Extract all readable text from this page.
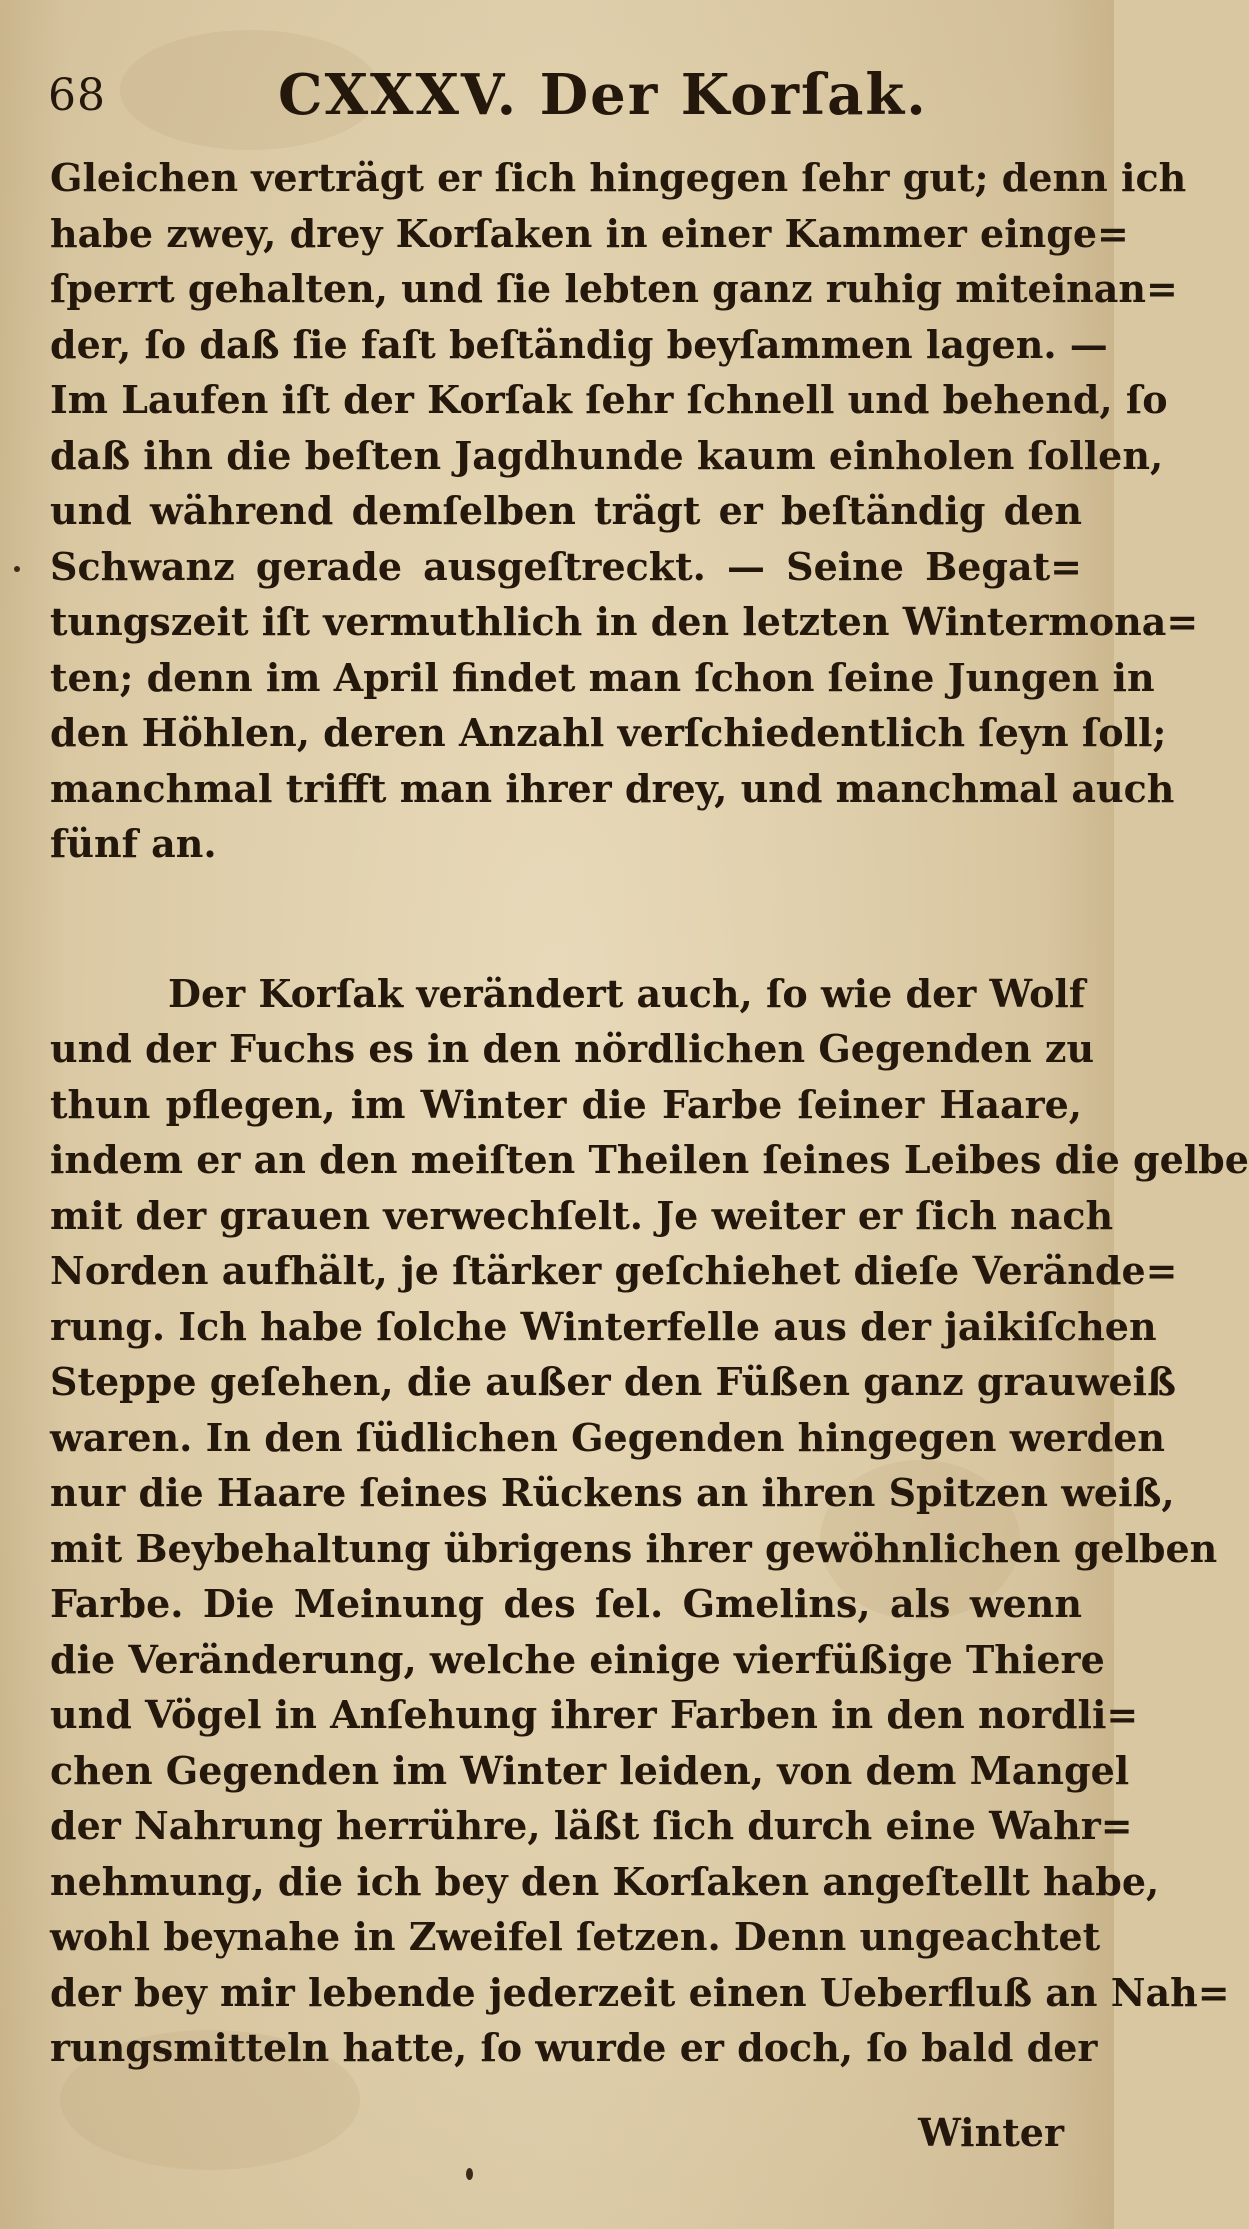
68	CXXXV. Der Korſak.
Gleichen verträgt er ſich hingegen ſehr gut; denn ich
habe zwey, drey Korſaken in einer Kammer einge=
ſperrt gehalten, und ſie lebten ganz ruhig miteinan=
der, ſo daß ſie faſt beſtändig beyſammen lagen. —
Im Laufen iſt der Korſak ſehr ſchnell und behend, ſo
daß ihn die beſten Jagdhunde kaum einholen ſollen,
und während demſelben trägt er beſtändig den
Schwanz gerade ausgeſtreckt. — Seine Begat=
tungszeit iſt vermuthlich in den letzten Wintermona=
ten; denn im April findet man ſchon ſeine Jungen in
den Höhlen, deren Anzahl verſchiedentlich ſeyn ſoll;
manchmal trifft man ihrer drey, und manchmal auch
fünf an.
Der Korſak verändert auch, ſo wie der Wolf
und der Fuchs es in den nördlichen Gegenden zu
thun pflegen, im Winter die Farbe ſeiner Haare,
indem er an den meiſten Theilen ſeines Leibes die gelbe
mit der grauen verwechſelt. Je weiter er ſich nach
Norden aufhält, je ſtärker geſchiehet dieſe Verände=
rung. Ich habe ſolche Winterfelle aus der jaikiſchen
Steppe geſehen, die außer den Füßen ganz grauweiß
waren. In den ſüdlichen Gegenden hingegen werden
nur die Haare ſeines Rückens an ihren Spitzen weiß,
mit Beybehaltung übrigens ihrer gewöhnlichen gelben
Farbe. Die Meinung des ſel. Gmelins, als wenn
die Veränderung, welche einige vierfüßige Thiere
und Vögel in Anſehung ihrer Farben in den nordli=
chen Gegenden im Winter leiden, von dem Mangel
der Nahrung herrühre, läßt ſich durch eine Wahr=
nehmung, die ich bey den Korſaken angeſtellt habe,
wohl beynahe in Zweifel ſetzen. Denn ungeachtet
der bey mir lebende jederzeit einen Ueberfluß an Nah=
rungsmitteln hatte, ſo wurde er doch, ſo bald der
Winter
